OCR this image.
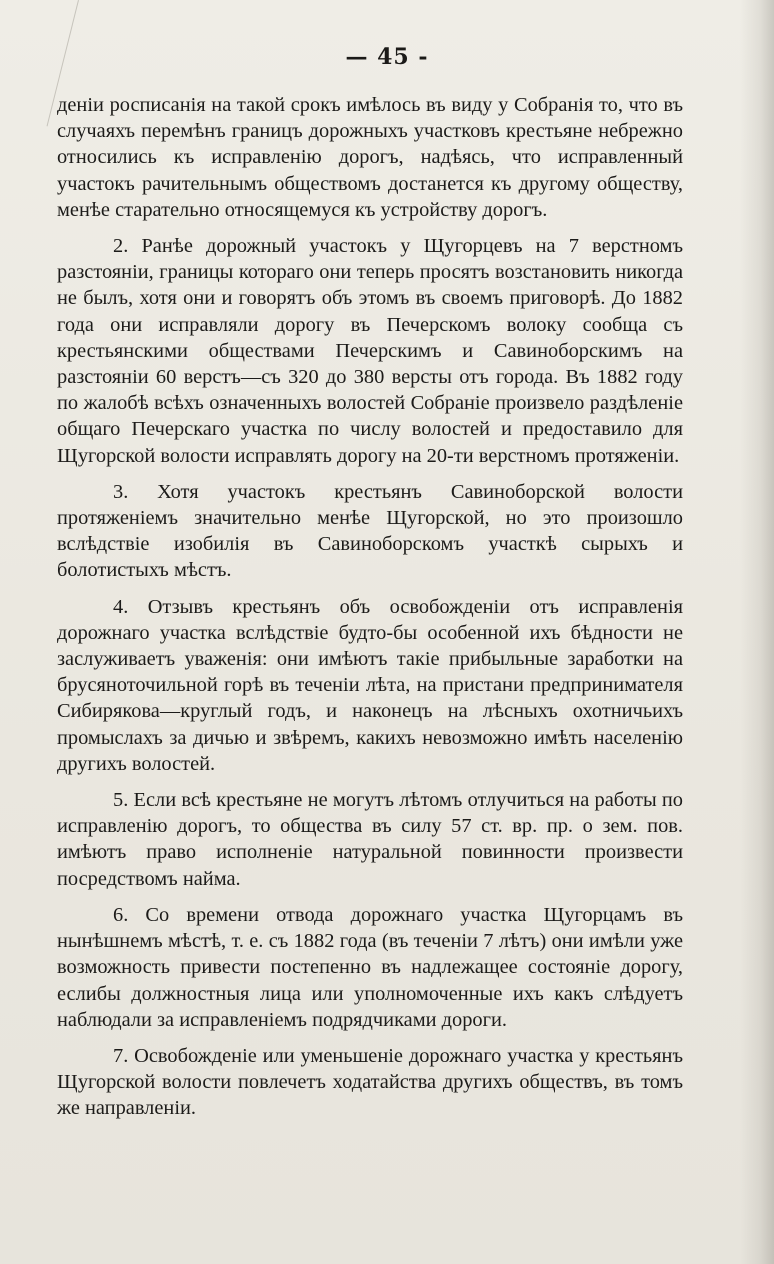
— 45 -

деніи росписанія на такой срокъ имѣлось въ виду у Собранія то, что въ случаяхъ перемѣнъ границъ дорожныхъ участковъ крестьяне небрежно относились къ исправленію дорогъ, надѣясь, что исправленный участокъ рачительнымъ обществомъ достанется къ другому обществу, менѣе старательно относящемуся къ устройству дорогъ.

2. Ранѣе дорожный участокъ у Щугорцевъ на 7 верстномъ разстояніи, границы котораго они теперь просятъ возстановить никогда не былъ, хотя они и говорятъ объ этомъ въ своемъ приговорѣ. До 1882 года они исправляли дорогу въ Печерскомъ волоку сообща съ крестьянскими обществами Печерскимъ и Савиноборскимъ на разстояніи 60 верстъ—съ 320 до 380 версты отъ города. Въ 1882 году по жалобѣ всѣхъ означенныхъ волостей Собраніе произвело раздѣленіе общаго Печерскаго участка по числу волостей и предоставило для Щугорской волости исправлять дорогу на 20-ти верстномъ протяженіи.

3. Хотя участокъ крестьянъ Савиноборской волости протяженіемъ значительно менѣе Щугорской, но это произошло вслѣдствіе изобилія въ Савиноборскомъ участкѣ сырыхъ и болотистыхъ мѣстъ.

4. Отзывъ крестьянъ объ освобожденіи отъ исправленія дорожнаго участка вслѣдствіе будто-бы особенной ихъ бѣдности не заслуживаетъ уваженія: они имѣютъ такіе прибыльные заработки на брусяноточильной горѣ въ теченіи лѣта, на пристани предпринимателя Сибирякова—круглый годъ, и наконецъ на лѣсныхъ охотничьихъ промыслахъ за дичью и звѣремъ, какихъ невозможно имѣть населенію другихъ волостей.

5. Если всѣ крестьяне не могутъ лѣтомъ отлучиться на работы по исправленію дорогъ, то общества въ силу 57 ст. вр. пр. о зем. пов. имѣютъ право исполненіе натуральной повинности произвести посредствомъ найма.

6. Со времени отвода дорожнаго участка Щугорцамъ въ нынѣшнемъ мѣстѣ, т. е. съ 1882 года (въ теченіи 7 лѣтъ) они имѣли уже возможность привести постепенно въ надлежащее состояніе дорогу, еслибы должностныя лица или уполномоченные ихъ какъ слѣдуетъ наблюдали за исправленіемъ подрядчиками дороги.

7. Освобожденіе или уменьшеніе дорожнаго участка у крестьянъ Щугорской волости повлечетъ ходатайства другихъ обществъ, въ томъ же направленіи.
